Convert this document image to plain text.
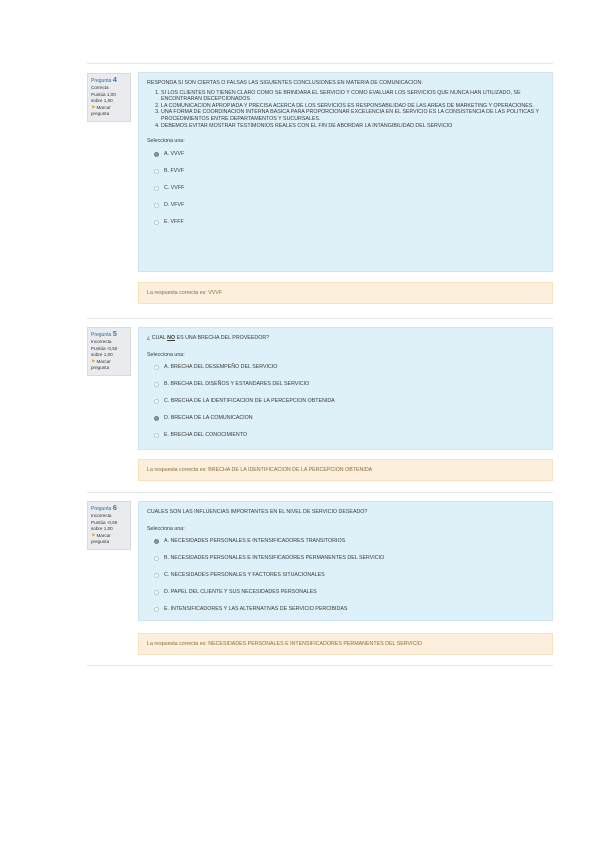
Pregunta 4
Correcta
Puntúa 1,00 sobre 1,00
⚑Marcar pregunta
RESPONDA SI SON CIERTAS O FALSAS LAS SIGUIENTES CONCLUSIONES EN MATERIA DE COMUNICACION:
1. SI LOS CLIENTES NO TIENEN CLARO COMO SE BRINDARA EL SERVICIO Y COMO EVALUAR LOS SERVICIOS QUE NUNCA HAN UTILIZADO, SE ENCONTRARAN DECEPCIONADOS
2. LA COMUNICACION APROPIADA Y PRECISA ACERCA DE LOS SERVICIOS ES RESPONSABILIDAD DE LAS AREAS DE MARKETING Y OPERACIONES.
3. UNA FORMA DE COORDINACION INTERNA BASICA PARA PROPORCIONAR EXCELENCIA EN EL SERVICIO ES LA CONSISTENCIA DE LAS POLITICAS Y PROCEDIMIENTOS ENTRE DEPARTAMENTOS Y SUCURSALES.
4. DEBEMOS EVITAR MOSTRAR TESTIMONIOS REALES CON EL FIN DE ABORDAR LA INTANGIBILIDAD DEL SERVICIO
Selecciona una:
A. VVVF
B. FVVF
C. VVFF
D. VFVF
E. VFFF
La respuesta correcta es: VVVF
Pregunta 5
Incorrecta
Puntúa -0,50 sobre 1,00
⚑Marcar pregunta
¿ CUAL NO ES UNA BRECHA DEL PROVEEDOR?
Selecciona una:
A. BRECHA DEL DESEMPEÑO DEL SERVICIO
B. BRECHA DEL DISEÑOS Y ESTANDARES DEL SERVICIO
C. BRECHA DE LA IDENTIFICACION DE LA PERCEPCION OBTENIDA
D. BRECHA DE LA COMUNICACION
E. BRECHA DEL CONOCIMIENTO
La respuesta correcta es: BRECHA DE LA IDENTIFICACION DE LA PERCEPCION OBTENIDA
Pregunta 6
Incorrecta
Puntúa -0,50 sobre 1,00
⚑Marcar pregunta
CUALES SON LAS INFLUENCIAS IMPORTANTES EN EL NIVEL DE SERVICIO DESEADO?
Selecciona una:
A. NECESIDADES PERSONALES E INTENSIFICADORES TRANSITORIOS
B. NECESIDADES PERSONALES E INTENSIFICADORES PERMANENTES DEL SERVICIO
C. NECESIDADES PERSONALES Y FACTORES SITUACIONALES
D. PAPEL DEL CLIENTE Y SUS NECESIDADES PERSONALES
E. INTENSIFICADORES Y LAS ALTERNATIVAS DE SERVICIO PERCIBIDAS
La respuesta correcta es: NECESIDADES PERSONALES E INTENSIFICADORES PERMANENTES DEL SERVICIO
